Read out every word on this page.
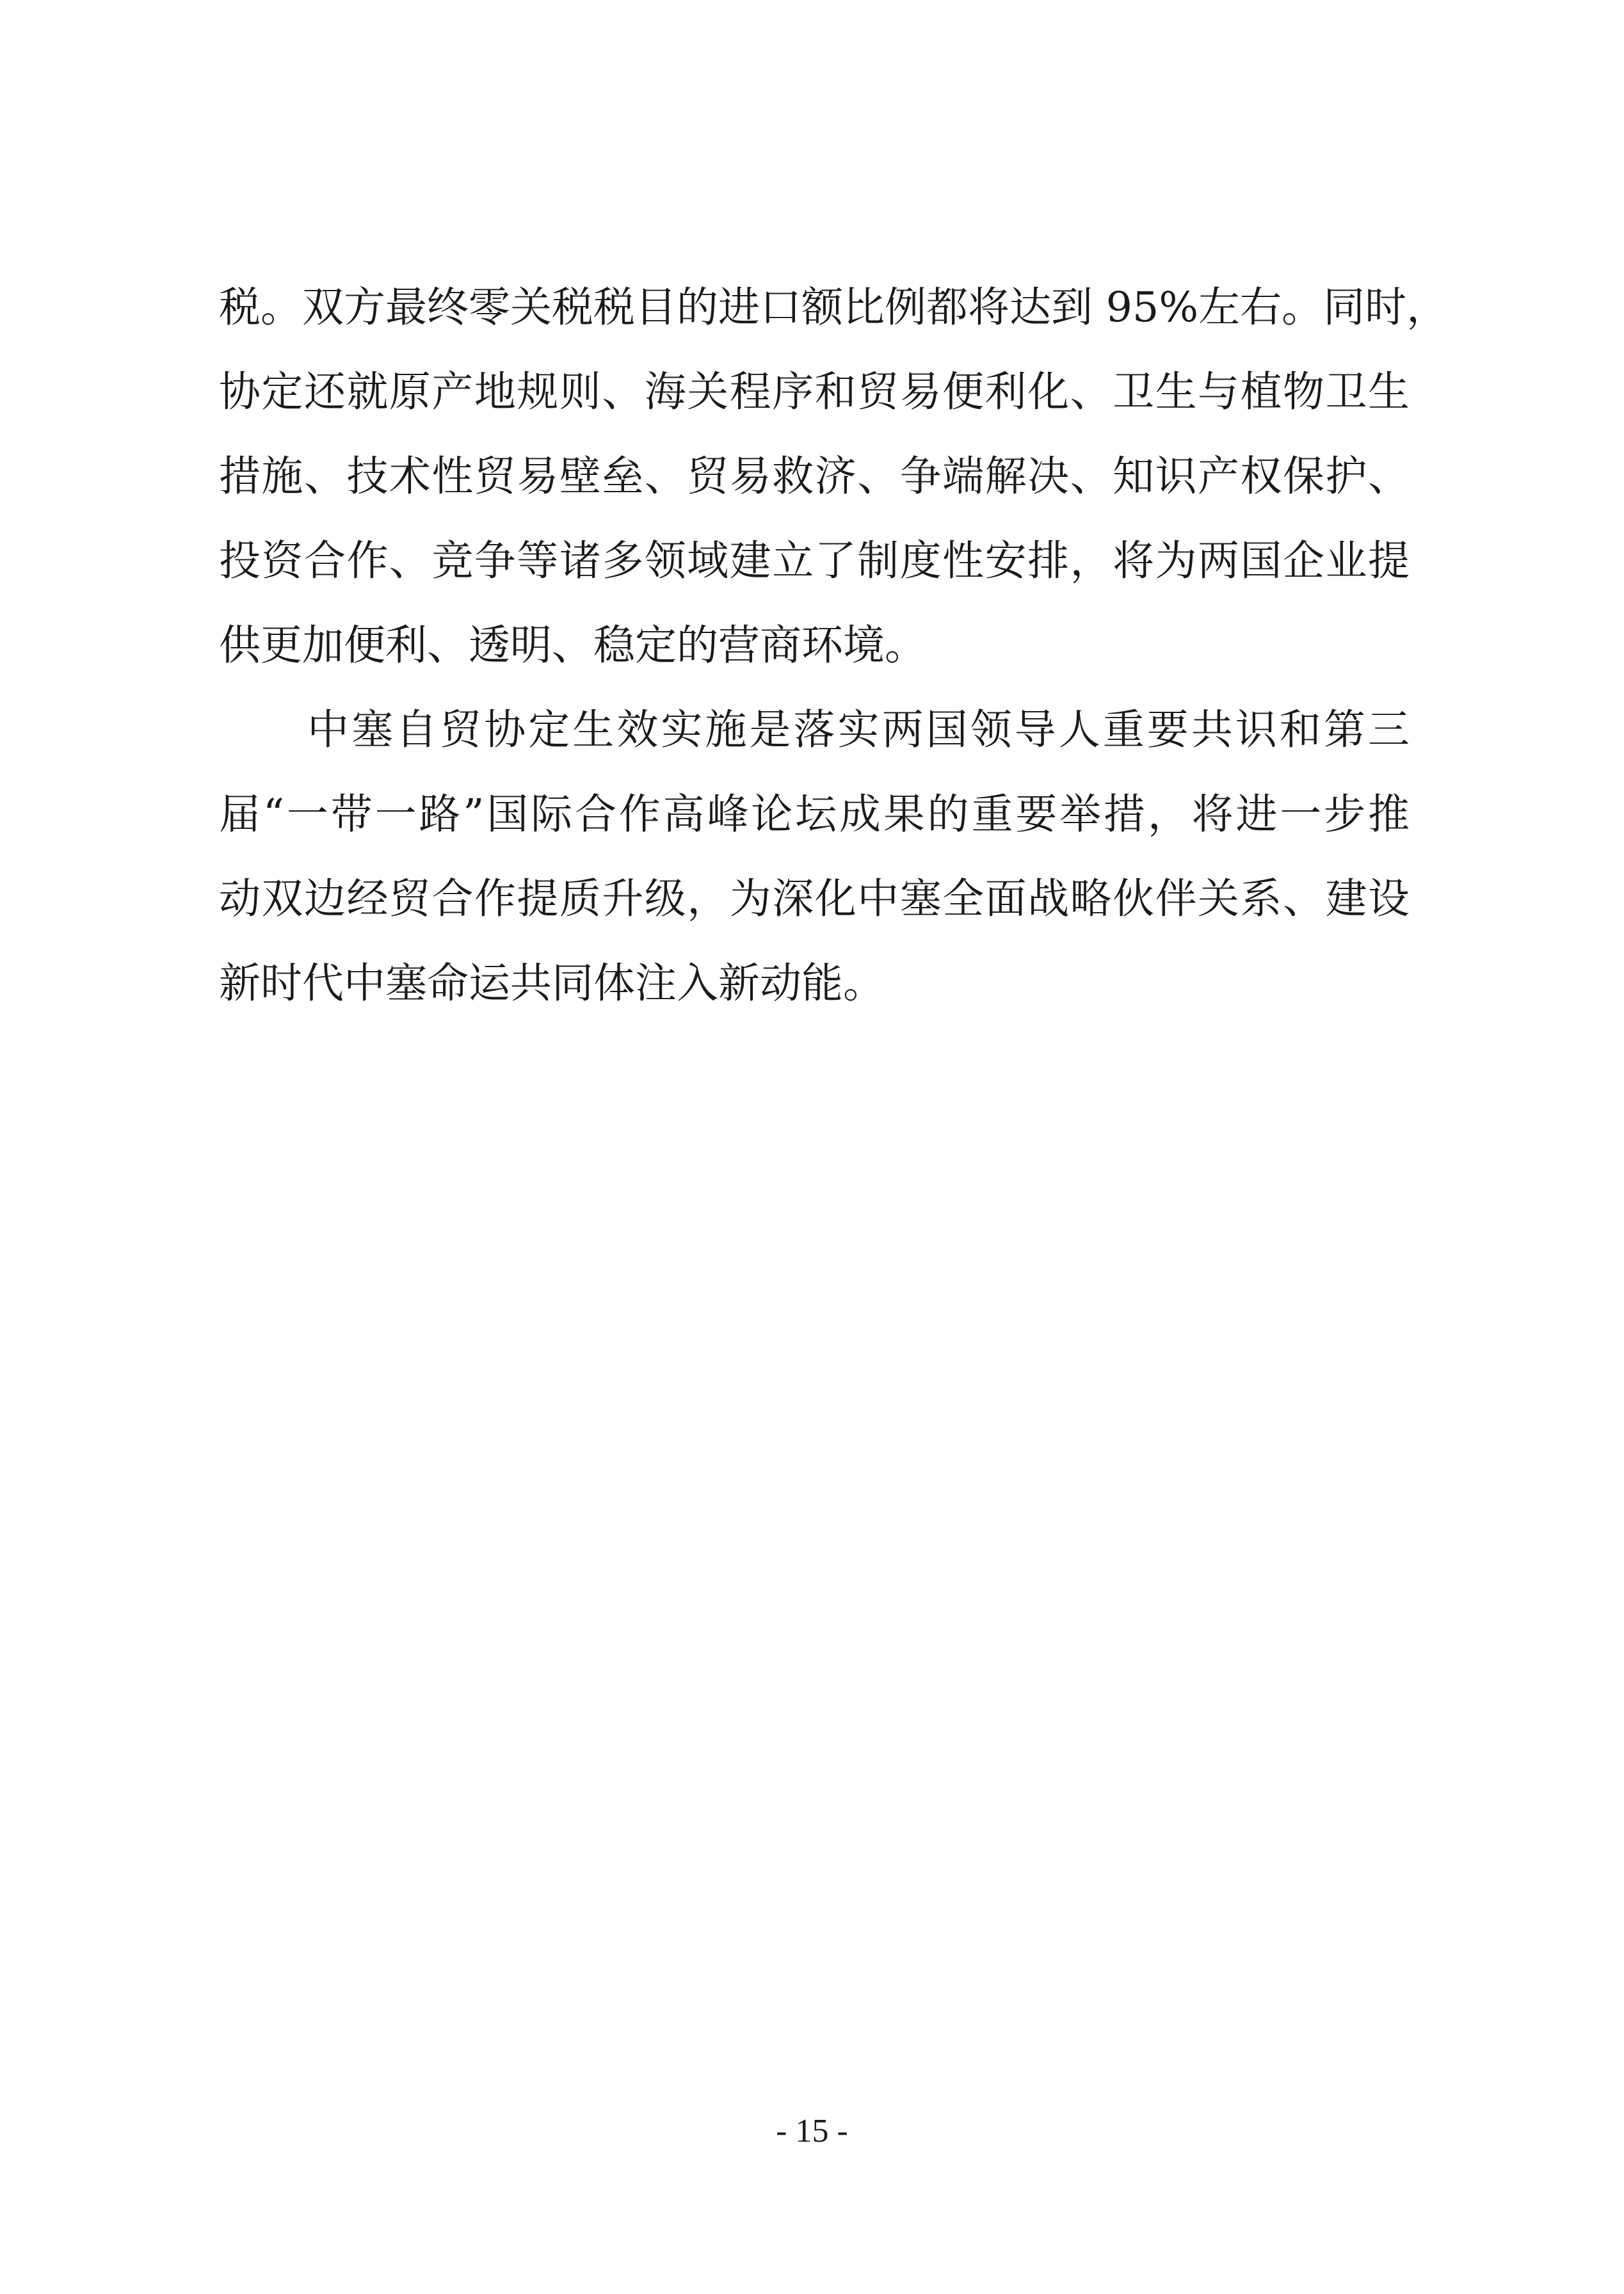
税。双方最终零关税税目的进口额比例都将达到 95%左右。同时，
协定还就原产地规则、海关程序和贸易便利化、卫生与植物卫生
措施、技术性贸易壁垒、贸易救济、争端解决、知识产权保护、
投资合作、竞争等诸多领域建立了制度性安排，将为两国企业提
供更加便利、透明、稳定的营商环境。
　　中塞自贸协定生效实施是落实两国领导人重要共识和第三
届“一带一路”国际合作高峰论坛成果的重要举措，将进一步推
动双边经贸合作提质升级，为深化中塞全面战略伙伴关系、建设
新时代中塞命运共同体注入新动能。
- 15 -
